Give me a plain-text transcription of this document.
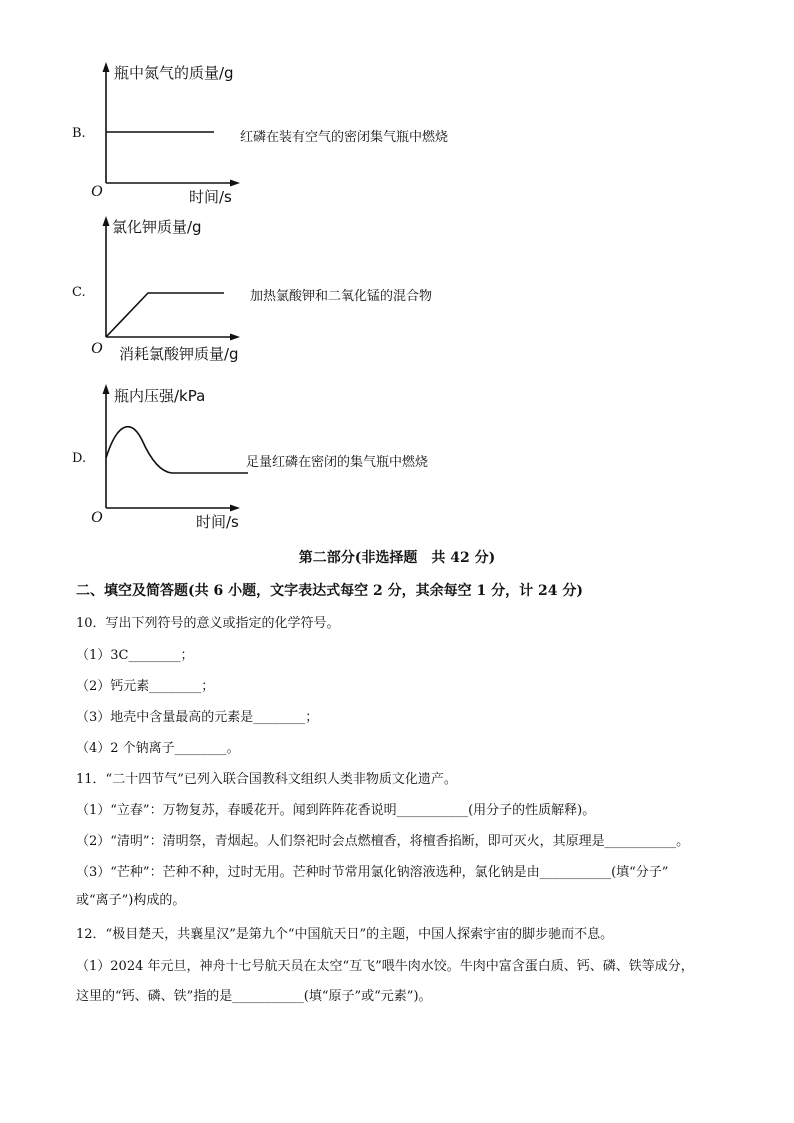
B.
瓶中氮气的质量/g
时间/s
O
红磷在装有空气的密闭集气瓶中燃烧
C.
氯化钾质量/g
消耗氯酸钾质量/g
O
加热氯酸钾和二氧化锰的混合物
D.
瓶内压强/kPa
时间/s
O
足量红磷在密闭的集气瓶中燃烧
第二部分(非选择题　共 42 分)
二、填空及简答题(共 6 小题，文字表达式每空 2 分，其余每空 1 分，计 24 分)
10．写出下列符号的意义或指定的化学符号。
（1）3C________；
（2）钙元素________；
（3）地壳中含量最高的元素是________；
（4）2 个钠离子________。
11．“二十四节气”已列入联合国教科文组织人类非物质文化遗产。
（1）“立春”：万物复苏，春暖花开。闻到阵阵花香说明___________(用分子的性质解释)。
（2）“清明”：清明祭，青烟起。人们祭祀时会点燃檀香，将檀香掐断，即可灭火，其原理是___________。
（3）“芒种”：芒种不种，过时无用。芒种时节常用氯化钠溶液选种，氯化钠是由___________(填“分子”
或“离子”)构成的。
12．“极目楚天，共襄星汉”是第九个“中国航天日”的主题，中国人探索宇宙的脚步驰而不息。
（1）2024 年元旦，神舟十七号航天员在太空“互飞”喂牛肉水饺。牛肉中富含蛋白质、钙、磷、铁等成分，
这里的“钙、磷、铁”指的是___________(填“原子”或“元素”)。
